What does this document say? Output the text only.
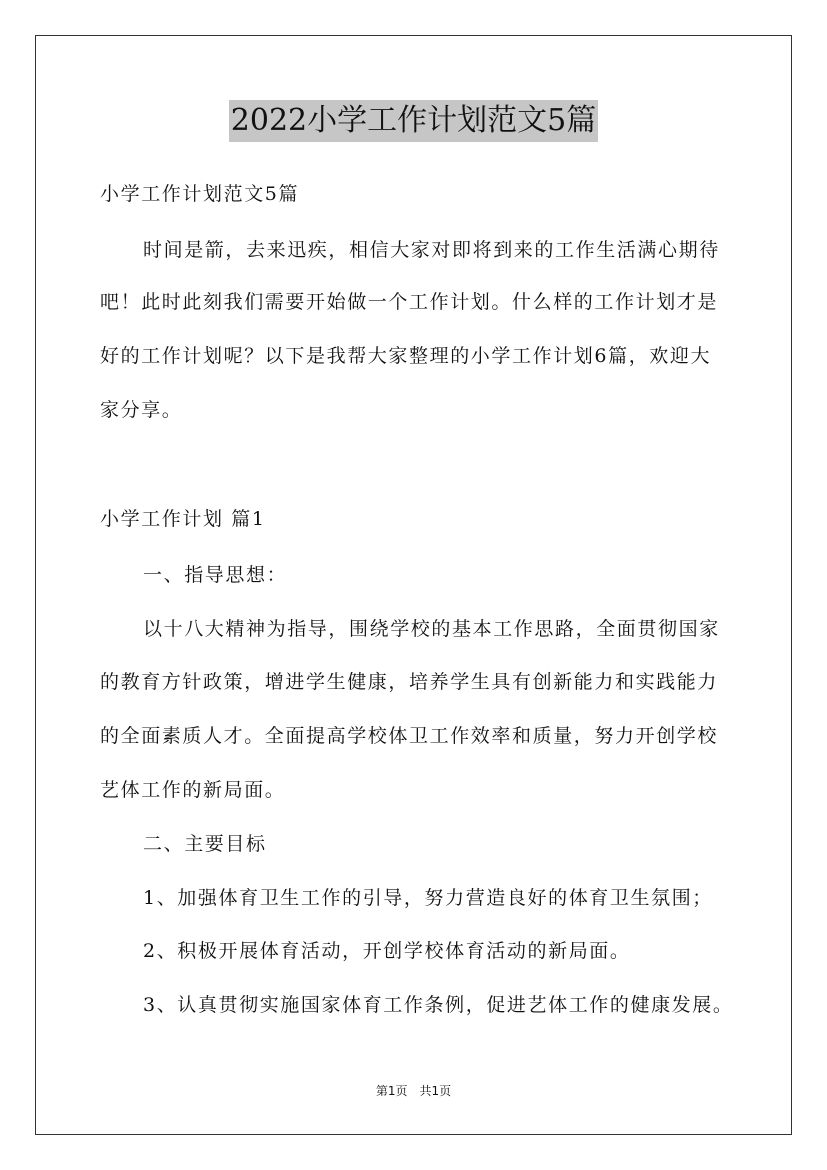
2022小学工作计划范文5篇
小学工作计划范文5篇
时间是箭，去来迅疾，相信大家对即将到来的工作生活满心期待
吧！此时此刻我们需要开始做一个工作计划。什么样的工作计划才是
好的工作计划呢？以下是我帮大家整理的小学工作计划6篇，欢迎大
家分享。
小学工作计划 篇1
一、指导思想：
以十八大精神为指导，围绕学校的基本工作思路，全面贯彻国家
的教育方针政策，增进学生健康，培养学生具有创新能力和实践能力
的全面素质人才。全面提高学校体卫工作效率和质量，努力开创学校
艺体工作的新局面。
二、主要目标
1、加强体育卫生工作的引导，努力营造良好的体育卫生氛围；
2、积极开展体育活动，开创学校体育活动的新局面。
3、认真贯彻实施国家体育工作条例，促进艺体工作的健康发展。
第1页　共1页
